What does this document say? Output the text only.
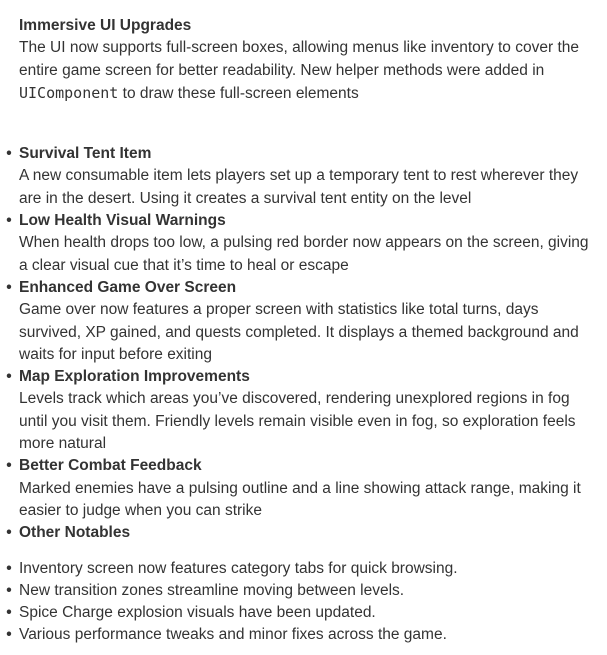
Immersive UI Upgrades

The UI now supports full-screen boxes, allowing menus like inventory to cover the entire game screen for better readability. New helper methods were added in UIComponent to draw these full-screen elements

• Survival Tent Item

A new consumable item lets players set up a temporary tent to rest wherever they are in the desert. Using it creates a survival tent entity on the level

• Low Health Visual Warnings

When health drops too low, a pulsing red border now appears on the screen, giving a clear visual cue that it’s time to heal or escape

• Enhanced Game Over Screen

Game over now features a proper screen with statistics like total turns, days survived, XP gained, and quests completed. It displays a themed background and waits for input before exiting

• Map Exploration Improvements

Levels track which areas you’ve discovered, rendering unexplored regions in fog until you visit them. Friendly levels remain visible even in fog, so exploration feels more natural

• Better Combat Feedback

Marked enemies have a pulsing outline and a line showing attack range, making it easier to judge when you can strike

• Other Notables

• Inventory screen now features category tabs for quick browsing.
• New transition zones streamline moving between levels.
• Spice Charge explosion visuals have been updated.
• Various performance tweaks and minor fixes across the game.
